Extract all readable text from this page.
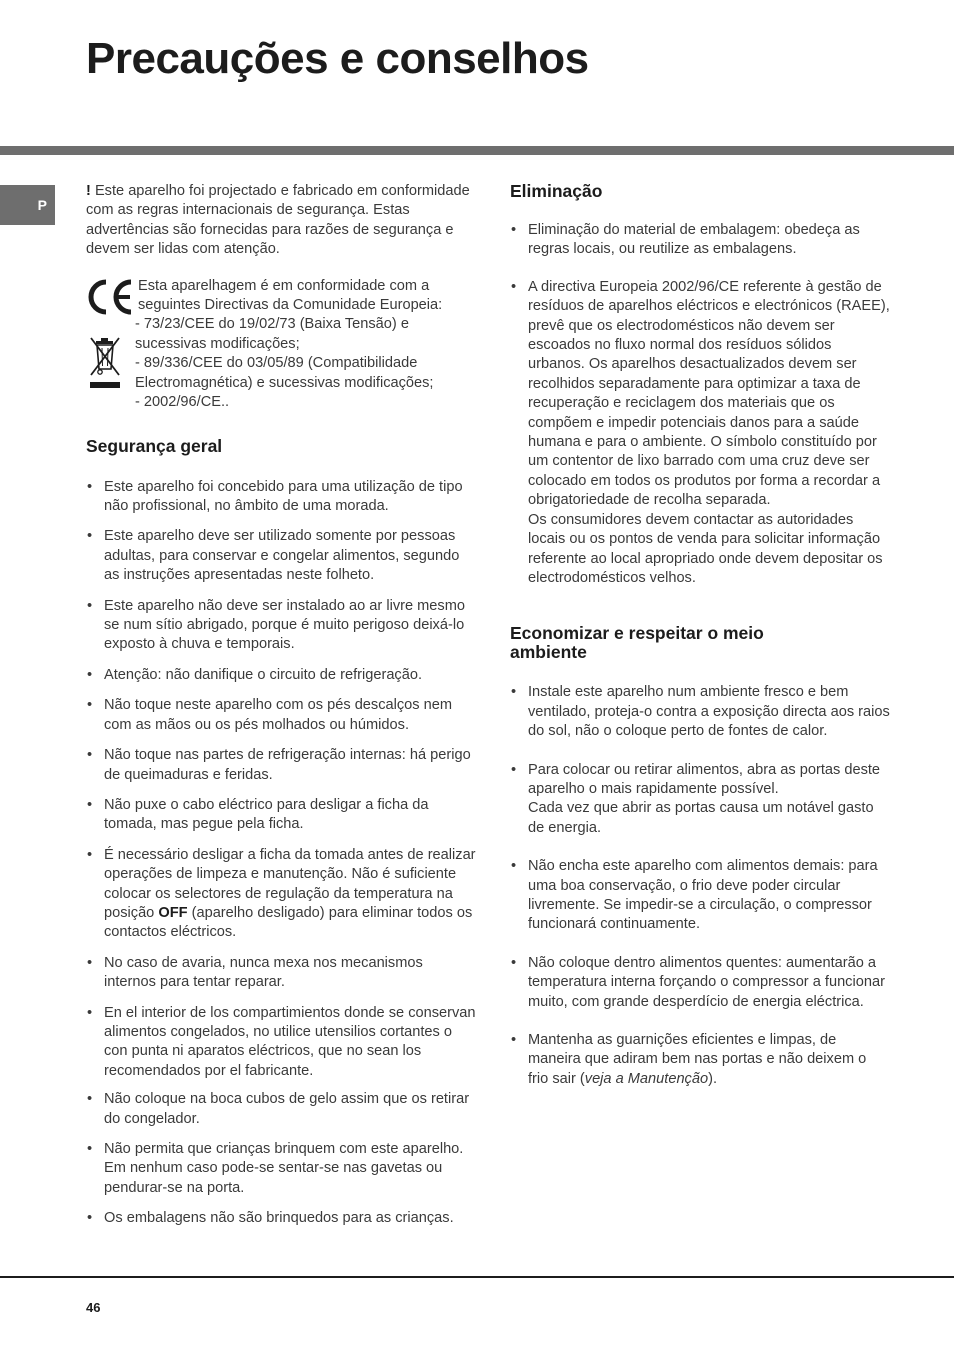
Precauções e conselhos
P

! Este aparelho foi projectado e fabricado em conformidade com as regras internacionais de segurança. Estas advertências são fornecidas para razões de segurança e devem ser lidas com atenção.

Esta aparelhagem é em conformidade com a seguintes Directivas da Comunidade Europeia:
- 73/23/CEE do 19/02/73 (Baixa Tensão) e sucessivas modificações;
- 89/336/CEE do 03/05/89 (Compatibilidade Electromagnética) e sucessivas modificações;
- 2002/96/CE..
Segurança geral
• Este aparelho foi concebido para uma utilização de tipo não profissional, no âmbito de uma morada.
• Este aparelho deve ser utilizado somente por pessoas adultas, para conservar e congelar alimentos, segundo as instruções apresentadas neste folheto.
• Este aparelho não deve ser instalado ao ar livre mesmo se num sítio abrigado, porque é muito perigoso deixá-lo exposto à chuva e temporais.
• Atenção: não danifique o circuito de refrigeração.
• Não toque neste aparelho com os pés descalços nem com as mãos ou os pés molhados ou húmidos.
• Não toque nas partes de refrigeração internas: há perigo de queimaduras e feridas.
• Não puxe o cabo eléctrico para desligar a ficha da tomada, mas pegue pela ficha.
• É necessário desligar a ficha da tomada antes de realizar operações de limpeza e manutenção. Não é suficiente colocar os selectores de regulação da temperatura na posição OFF (aparelho desligado) para eliminar todos os contactos eléctricos.
• No caso de avaria, nunca mexa nos mecanismos internos para tentar reparar.
• En el interior de los compartimientos donde se conservan alimentos congelados, no utilice utensilios cortantes o con punta ni aparatos eléctricos, que no sean los recomendados por el fabricante.
• Não coloque na boca cubos de gelo assim que os retirar do congelador.
• Não permita que crianças brinquem com este aparelho. Em nenhum caso pode-se sentar-se nas gavetas ou pendurar-se na porta.
• Os embalagens não são brinquedos para as crianças.
Eliminação
• Eliminação do material de embalagem: obedeça as regras locais, ou reutilize as embalagens.
• A directiva Europeia 2002/96/CE referente à gestão de resíduos de aparelhos eléctricos e electrónicos (RAEE), prevê que os electrodomésticos não devem ser escoados no fluxo normal dos resíduos sólidos urbanos. Os aparelhos desactualizados devem ser recolhidos separadamente para optimizar a taxa de recuperação e reciclagem dos materiais que os compõem e impedir potenciais danos para a saúde humana e para o ambiente. O símbolo constituído por um contentor de lixo barrado com uma cruz deve ser colocado em todos os produtos por forma a recordar a obrigatoriedade de recolha separada.
Os consumidores devem contactar as autoridades locais ou os pontos de venda para solicitar informação referente ao local apropriado onde devem depositar os electrodomésticos velhos.
Economizar e respeitar o meio ambiente
• Instale este aparelho num ambiente fresco e bem ventilado, proteja-o contra a exposição directa aos raios do sol, não o coloque perto de fontes de calor.
• Para colocar ou retirar alimentos, abra as portas deste aparelho o mais rapidamente possível.
Cada vez que abrir as portas causa um notável gasto de energia.
• Não encha este aparelho com alimentos demais: para uma boa conservação, o frio deve poder circular livremente. Se impedir-se a circulação, o compressor funcionará continuamente.
• Não coloque dentro alimentos quentes: aumentarão a temperatura interna forçando o compressor a funcionar muito, com grande desperdício de energia eléctrica.
• Mantenha as guarnições eficientes e limpas, de maneira que adiram bem nas portas e não deixem o frio sair (veja a Manutenção).
46
